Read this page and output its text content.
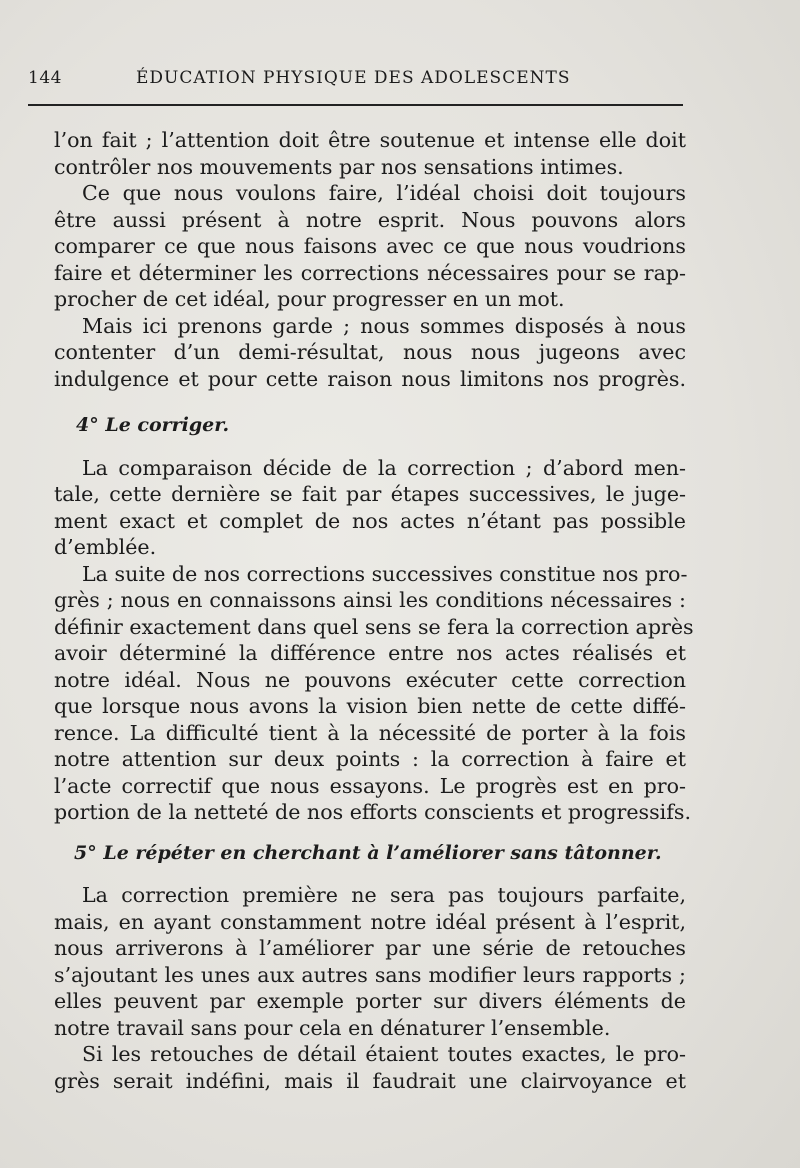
144	ÉDUCATION PHYSIQUE DES ADOLESCENTS

l’on fait ; l’attention doit être soutenue et intense elle doit
contrôler nos mouvements par nos sensations intimes.

Ce que nous voulons faire, l’idéal choisi doit toujours
être aussi présent à notre esprit. Nous pouvons alors
comparer ce que nous faisons avec ce que nous voudrions
faire et déterminer les corrections nécessaires pour se rap-
procher de cet idéal, pour progresser en un mot.

Mais ici prenons garde ; nous sommes disposés à nous
contenter d’un demi-résultat, nous nous jugeons avec
indulgence et pour cette raison nous limitons nos progrès.

4° Le corriger.

La comparaison décide de la correction ; d’abord men-
tale, cette dernière se fait par étapes successives, le juge-
ment exact et complet de nos actes n’étant pas possible
d’emblée.

La suite de nos corrections successives constitue nos pro-
grès ; nous en connaissons ainsi les conditions nécessaires :
définir exactement dans quel sens se fera la correction après
avoir déterminé la différence entre nos actes réalisés et
notre idéal. Nous ne pouvons exécuter cette correction
que lorsque nous avons la vision bien nette de cette diffé-
rence. La difficulté tient à la nécessité de porter à la fois
notre attention sur deux points : la correction à faire et
l’acte correctif que nous essayons. Le progrès est en pro-
portion de la netteté de nos efforts conscients et progressifs.

5° Le répéter en cherchant à l’améliorer sans tâtonner.

La correction première ne sera pas toujours parfaite,
mais, en ayant constamment notre idéal présent à l’esprit,
nous arriverons à l’améliorer par une série de retouches
s’ajoutant les unes aux autres sans modifier leurs rapports ;
elles peuvent par exemple porter sur divers éléments de
notre travail sans pour cela en dénaturer l’ensemble.

Si les retouches de détail étaient toutes exactes, le pro-
grès serait indéfini, mais il faudrait une clairvoyance et
